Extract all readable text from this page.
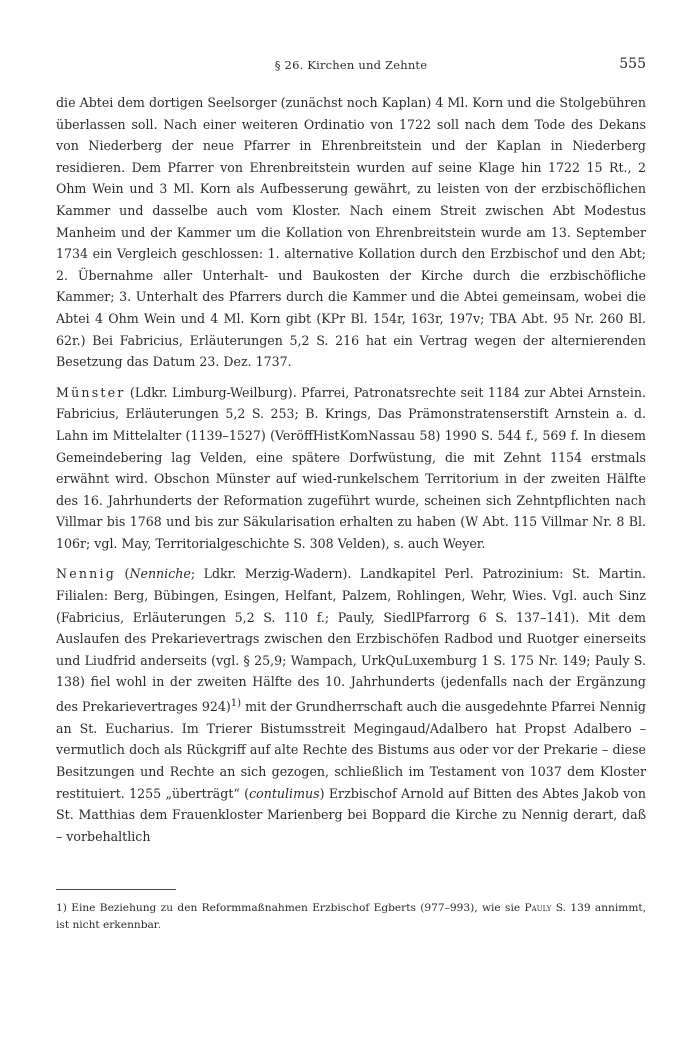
§ 26. Kirchen und Zehnte	555

die Abtei dem dortigen Seelsorger (zunächst noch Kaplan) 4 Ml. Korn und die Stolgebühren überlassen soll. Nach einer weiteren Ordinatio von 1722 soll nach dem Tode des Dekans von Niederberg der neue Pfarrer in Ehrenbreitstein und der Kaplan in Niederberg residieren. Dem Pfarrer von Ehrenbreitstein wurden auf seine Klage hin 1722 15 Rt., 2 Ohm Wein und 3 Ml. Korn als Aufbesserung gewährt, zu leisten von der erzbischöflichen Kammer und dasselbe auch vom Kloster. Nach einem Streit zwischen Abt Modestus Manheim und der Kammer um die Kollation von Ehrenbreitstein wurde am 13. September 1734 ein Vergleich geschlossen: 1. alternative Kollation durch den Erzbischof und den Abt; 2. Übernahme aller Unterhalt- und Baukosten der Kirche durch die erzbischöfliche Kammer; 3. Unterhalt des Pfarrers durch die Kammer und die Abtei gemeinsam, wobei die Abtei 4 Ohm Wein und 4 Ml. Korn gibt (KPr Bl. 154r, 163r, 197v; TBA Abt. 95 Nr. 260 Bl. 62r.) Bei Fabricius, Erläuterungen 5,2 S. 216 hat ein Vertrag wegen der alternierenden Besetzung das Datum 23. Dez. 1737.

Münster (Ldkr. Limburg-Weilburg). Pfarrei, Patronatsrechte seit 1184 zur Abtei Arnstein. Fabricius, Erläuterungen 5,2 S. 253; B. Krings, Das Prämonstratenserstift Arnstein a. d. Lahn im Mittelalter (1139–1527) (VeröffHistKomNassau 58) 1990 S. 544 f., 569 f. In diesem Gemeindebering lag Velden, eine spätere Dorfwüstung, die mit Zehnt 1154 erstmals erwähnt wird. Obschon Münster auf wied-runkelschem Territorium in der zweiten Hälfte des 16. Jahrhunderts der Reformation zugeführt wurde, scheinen sich Zehntpflichten nach Villmar bis 1768 und bis zur Säkularisation erhalten zu haben (W Abt. 115 Villmar Nr. 8 Bl. 106r; vgl. May, Territorialgeschichte S. 308 Velden), s. auch Weyer.

Nennig (Nenniche; Ldkr. Merzig-Wadern). Landkapitel Perl. Patrozinium: St. Martin. Filialen: Berg, Bübingen, Esingen, Helfant, Palzem, Rohlingen, Wehr, Wies. Vgl. auch Sinz (Fabricius, Erläuterungen 5,2 S. 110 f.; Pauly, SiedlPfarrorg 6 S. 137–141). Mit dem Auslaufen des Prekarievertrags zwischen den Erzbischöfen Radbod und Ruotger einerseits und Liudfrid anderseits (vgl. § 25,9; Wampach, UrkQuLuxemburg 1 S. 175 Nr. 149; Pauly S. 138) fiel wohl in der zweiten Hälfte des 10. Jahrhunderts (jedenfalls nach der Ergänzung des Prekarievertrages 924)$^{1)}$ mit der Grundherrschaft auch die ausgedehnte Pfarrei Nennig an St. Eucharius. Im Trierer Bistumsstreit Megingaud/Adalbero hat Propst Adalbero – vermutlich doch als Rückgriff auf alte Rechte des Bistums aus oder vor der Prekarie – diese Besitzungen und Rechte an sich gezogen, schließlich im Testament von 1037 dem Kloster restituiert. 1255 „überträgt“ (contulimus) Erzbischof Arnold auf Bitten des Abtes Jakob von St. Matthias dem Frauenkloster Marienberg bei Boppard die Kirche zu Nennig derart, daß – vorbehaltlich

1) Eine Beziehung zu den Reformmaßnahmen Erzbischof Egberts (977–993), wie sie Pauly S. 139 annimmt, ist nicht erkennbar.
